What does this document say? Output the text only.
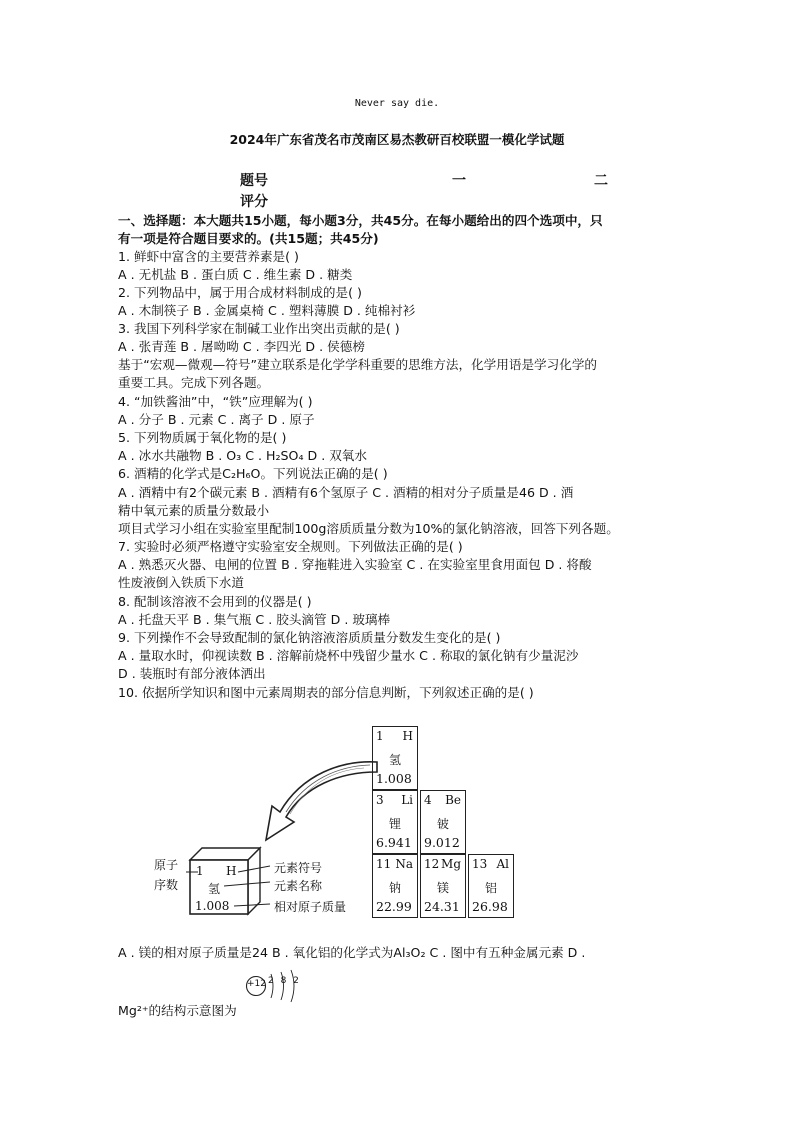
Never say die.
2024年广东省茂名市茂南区易杰教研百校联盟一模化学试题
题号	一	二
评分
一、选择题：本大题共15小题，每小题3分，共45分。在每小题给出的四个选项中，只
有一项是符合题目要求的。(共15题；共45分)
1. 鲜虾中富含的主要营养素是( )
A . 无机盐 B . 蛋白质 C . 维生素 D . 糖类
2. 下列物品中，属于用合成材料制成的是( )
A . 木制筷子 B . 金属桌椅 C . 塑料薄膜 D . 纯棉衬衫
3. 我国下列科学家在制碱工业作出突出贡献的是( )
A . 张青莲 B . 屠呦呦 C . 李四光 D . 侯德榜
基于“宏观—微观—符号”建立联系是化学学科重要的思维方法，化学用语是学习化学的
重要工具。完成下列各题。
4. “加铁酱油”中，“铁”应理解为( )
A . 分子 B . 元素 C . 离子 D . 原子
5. 下列物质属于氧化物的是( )
A . 冰水共融物 B . O₃ C . H₂SO₄ D . 双氧水
6. 酒精的化学式是C₂H₆O。下列说法正确的是( )
A . 酒精中有2个碳元素 B . 酒精有6个氢原子 C . 酒精的相对分子质量是46 D . 酒
精中氧元素的质量分数最小
项目式学习小组在实验室里配制100g溶质质量分数为10%的氯化钠溶液，回答下列各题。
7. 实验时必须严格遵守实验室安全规则。下列做法正确的是( )
A . 熟悉灭火器、电闸的位置 B . 穿拖鞋进入实验室 C . 在实验室里食用面包 D . 将酸
性废液倒入铁质下水道
8. 配制该溶液不会用到的仪器是( )
A . 托盘天平 B . 集气瓶 C . 胶头滴管 D . 玻璃棒
9. 下列操作不会导致配制的氯化钠溶液溶质质量分数发生变化的是( )
A . 量取水时，仰视读数 B . 溶解前烧杯中残留少量水 C . 称取的氯化钠有少量泥沙
D . 装瓶时有部分液体洒出
10. 依据所学知识和图中元素周期表的部分信息判断，下列叙述正确的是( )
1 H
氢
1.008
3 Li
锂
6.941
4 Be
铍
9.012
11 Na
钠
22.99
12 Mg
镁
24.31
13 Al
铝
26.98
1 H
氢
1.008
原子
序数
元素符号
元素名称
相对原子质量
A . 镁的相对原子质量是24 B . 氧化铝的化学式为Al₃O₂ C . 图中有五种金属元素 D .
+12 2 8 2
Mg²⁺的结构示意图为
